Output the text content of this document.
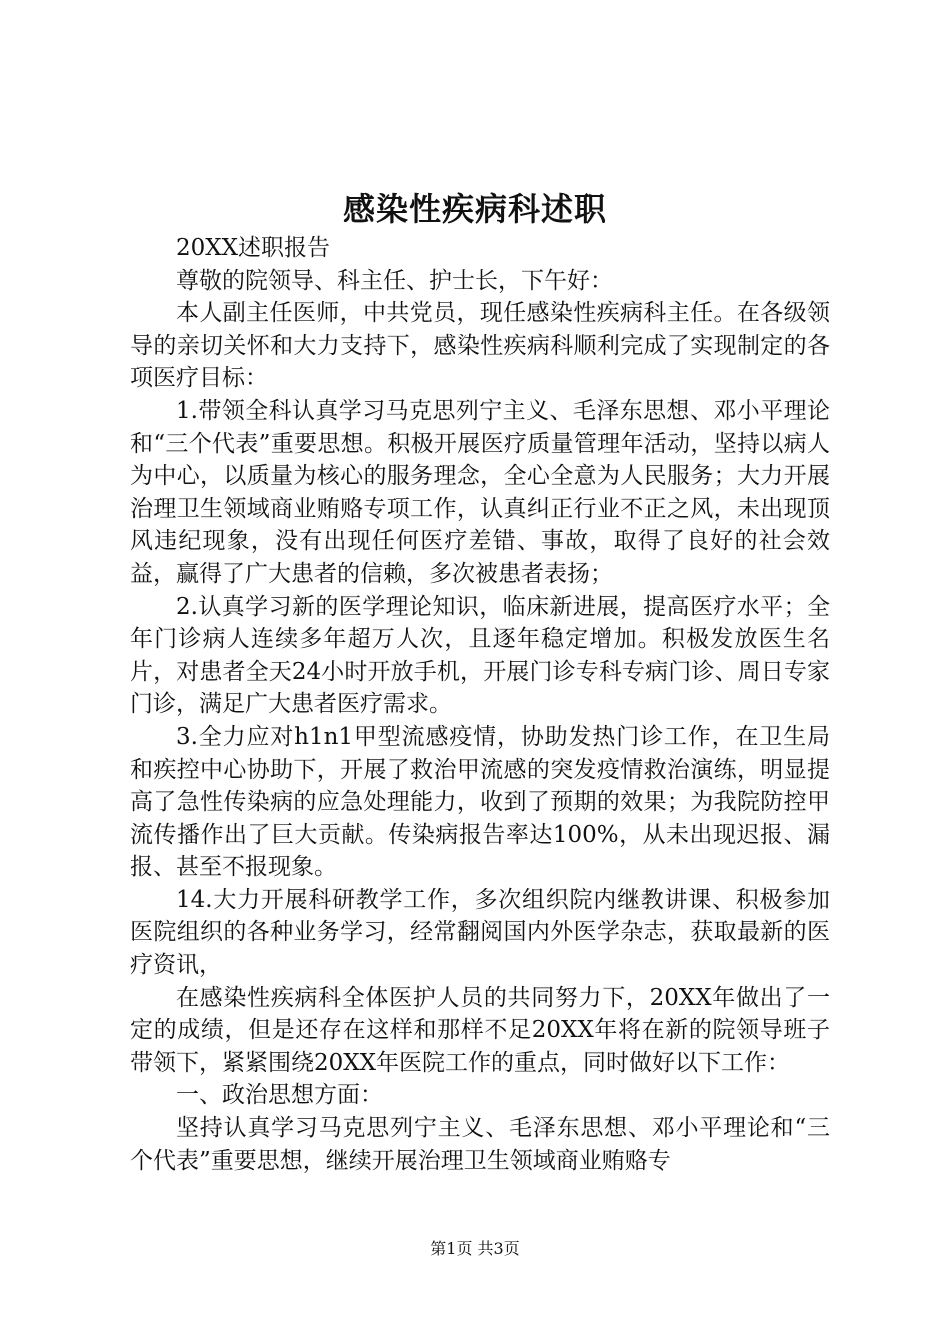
感染性疾病科述职

20XX述职报告

尊敬的院领导、科主任、护士长，下午好：

本人副主任医师，中共党员，现任感染性疾病科主任。在各级领导的亲切关怀和大力支持下，感染性疾病科顺利完成了实现制定的各项医疗目标：

1.带领全科认真学习马克思列宁主义、毛泽东思想、邓小平理论和“三个代表”重要思想。积极开展医疗质量管理年活动，坚持以病人为中心，以质量为核心的服务理念，全心全意为人民服务；大力开展治理卫生领域商业贿赂专项工作，认真纠正行业不正之风，未出现顶风违纪现象，没有出现任何医疗差错、事故，取得了良好的社会效益，赢得了广大患者的信赖，多次被患者表扬；

2.认真学习新的医学理论知识，临床新进展，提高医疗水平；全年门诊病人连续多年超万人次，且逐年稳定增加。积极发放医生名片，对患者全天24小时开放手机，开展门诊专科专病门诊、周日专家门诊，满足广大患者医疗需求。

3.全力应对h1n1甲型流感疫情，协助发热门诊工作，在卫生局和疾控中心协助下，开展了救治甲流感的突发疫情救治演练，明显提高了急性传染病的应急处理能力，收到了预期的效果；为我院防控甲流传播作出了巨大贡献。传染病报告率达100%，从未出现迟报、漏报、甚至不报现象。

14.大力开展科研教学工作，多次组织院内继教讲课、积极参加医院组织的各种业务学习，经常翻阅国内外医学杂志，获取最新的医疗资讯，

在感染性疾病科全体医护人员的共同努力下，20XX年做出了一定的成绩，但是还存在这样和那样不足20XX年将在新的院领导班子带领下，紧紧围绕20XX年医院工作的重点，同时做好以下工作：

一、政治思想方面：

坚持认真学习马克思列宁主义、毛泽东思想、邓小平理论和“三个代表”重要思想，继续开展治理卫生领域商业贿赂专

第1页 共3页
